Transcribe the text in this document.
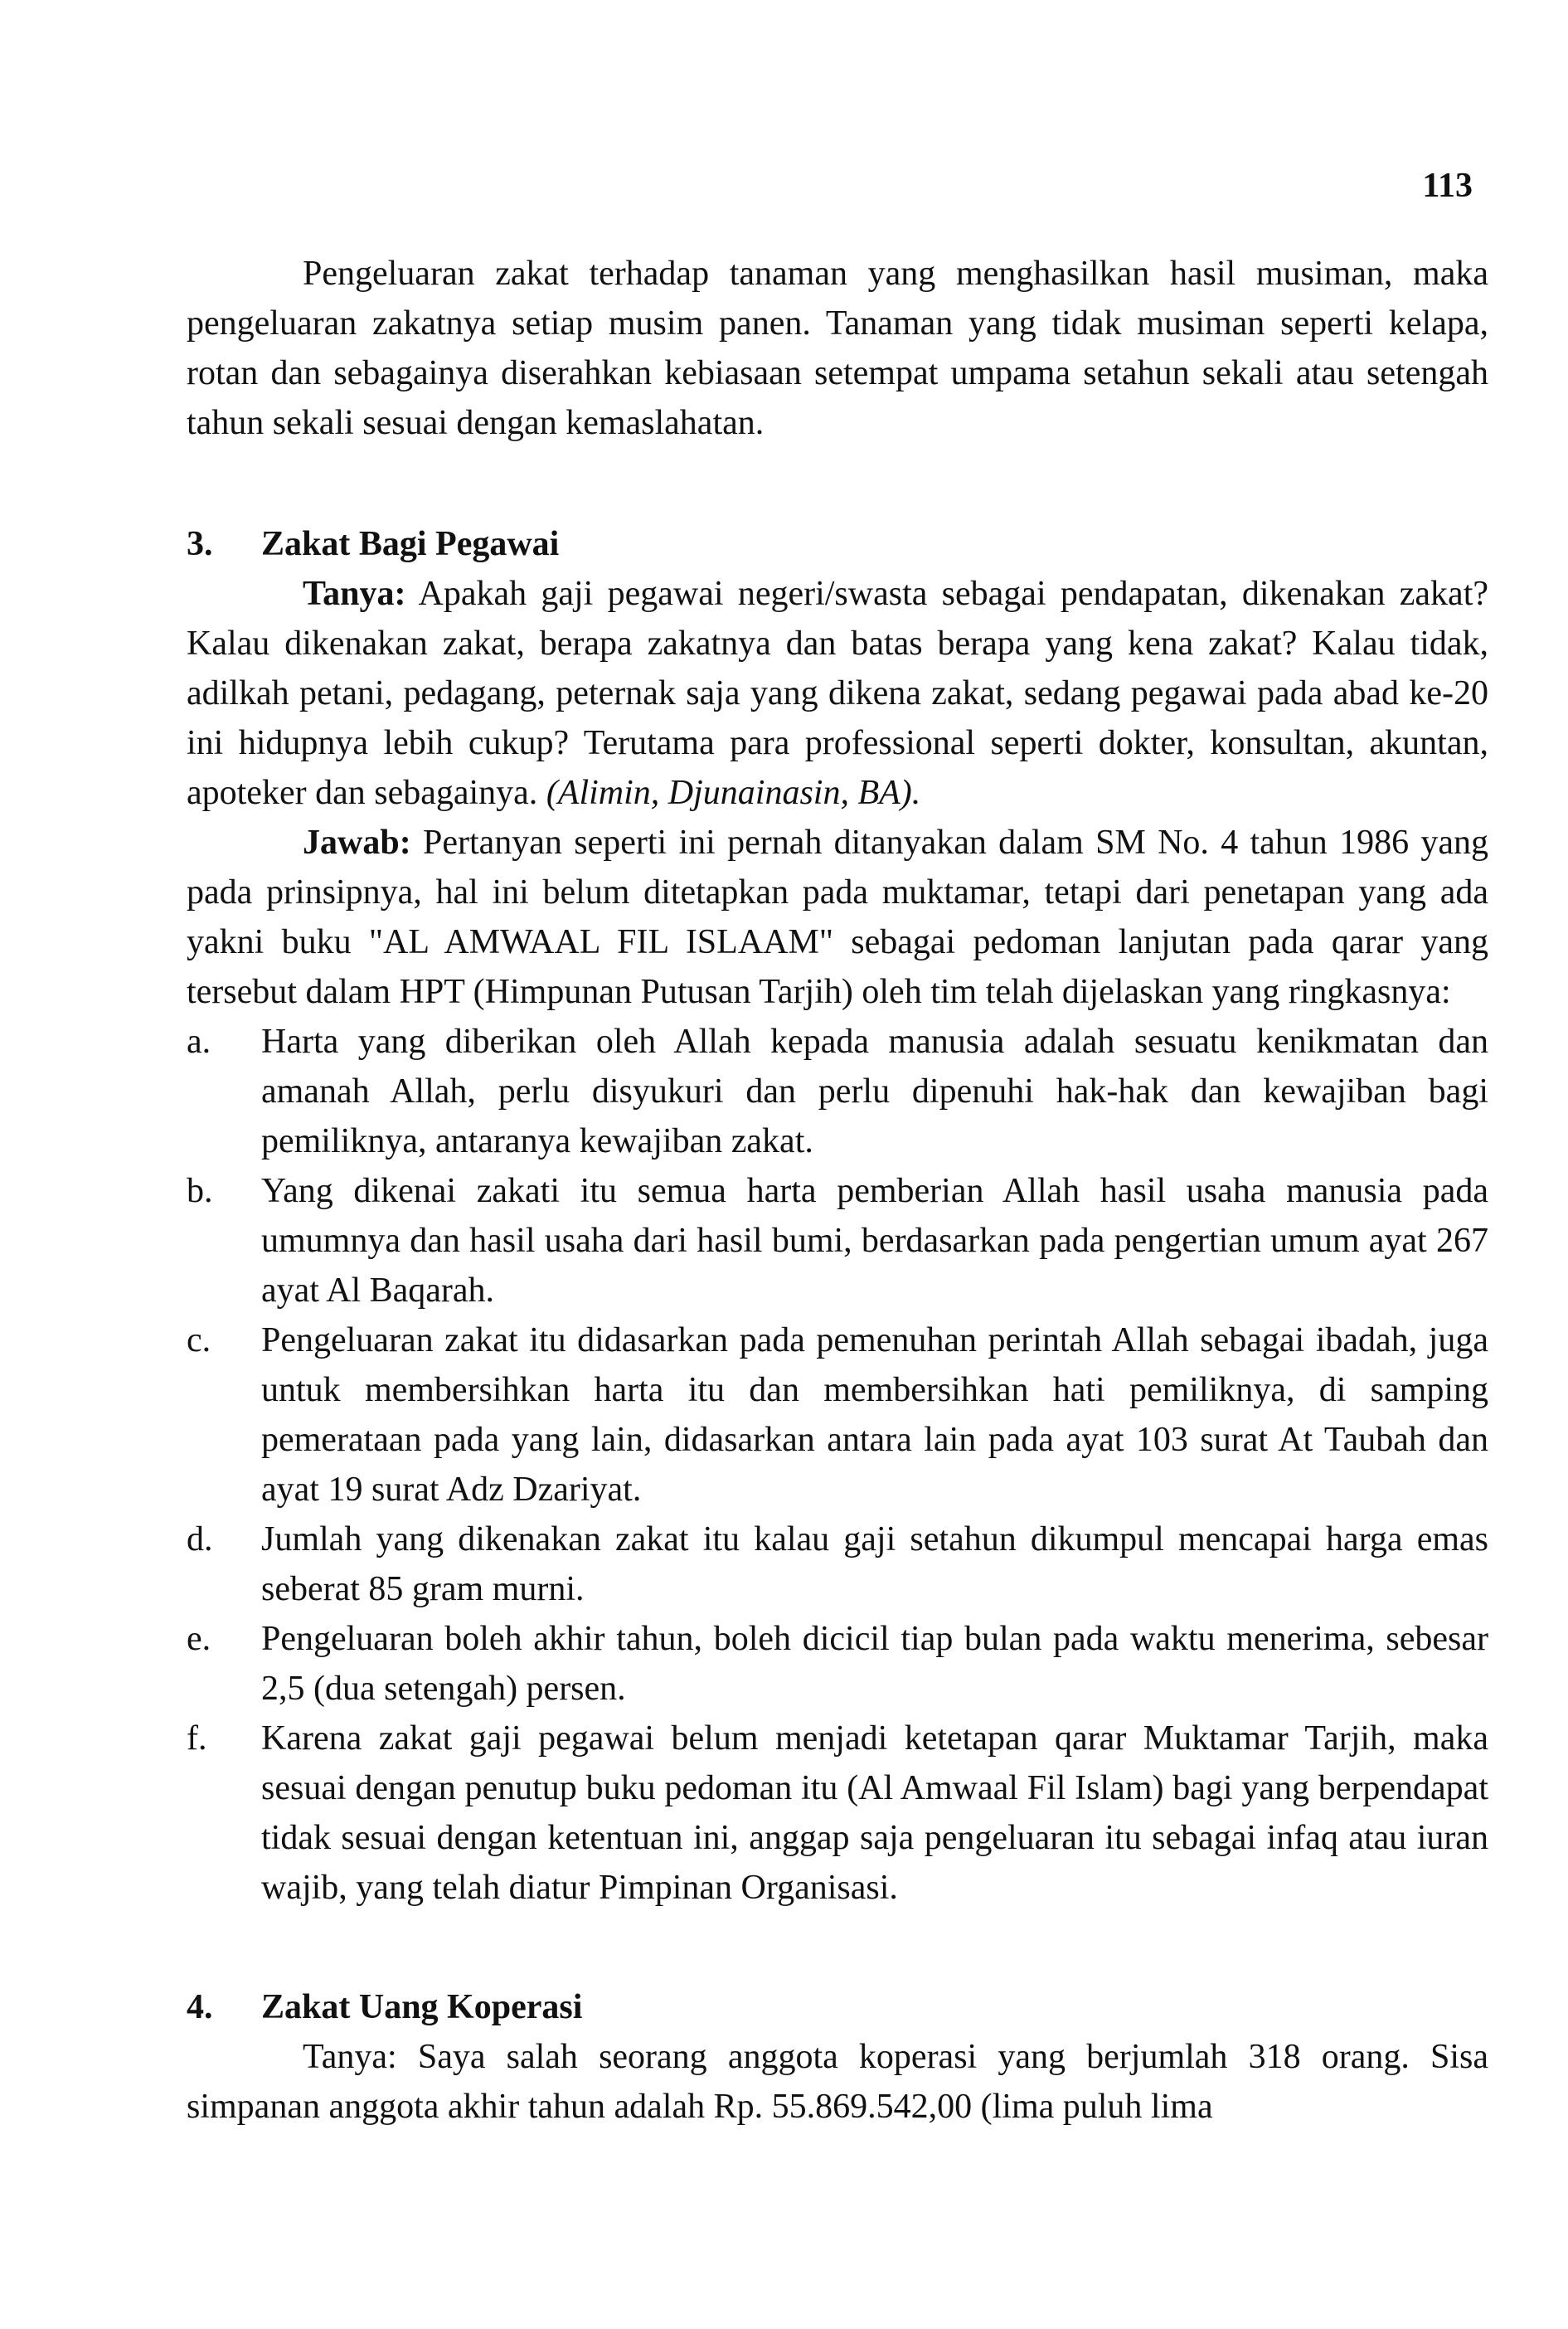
113

Pengeluaran zakat terhadap tanaman yang menghasilkan hasil musiman, maka pengeluaran zakatnya setiap musim panen. Tanaman yang tidak musiman seperti kelapa, rotan dan sebagainya diserahkan kebiasaan setempat umpama setahun sekali atau setengah tahun sekali sesuai dengan kemaslahatan.

3.	Zakat Bagi Pegawai

Tanya: Apakah gaji pegawai negeri/swasta sebagai pendapatan, dikenakan zakat? Kalau dikenakan zakat, berapa zakatnya dan batas berapa yang kena zakat? Kalau tidak, adilkah petani, pedagang, peternak saja yang dikena zakat, sedang pegawai pada abad ke-20 ini hidupnya lebih cukup? Terutama para professional seperti dokter, konsultan, akuntan, apoteker dan sebagainya. (Alimin, Djunainasin, BA).

Jawab: Pertanyan seperti ini pernah ditanyakan dalam SM No. 4 tahun 1986 yang pada prinsipnya, hal ini belum ditetapkan pada muktamar, tetapi dari penetapan yang ada yakni buku "AL AMWAAL FIL ISLAAM" sebagai pedoman lanjutan pada qarar yang tersebut dalam HPT (Himpunan Putusan Tarjih) oleh tim telah dijelaskan yang ringkasnya:

a.	Harta yang diberikan oleh Allah kepada manusia adalah sesuatu kenikmatan dan amanah Allah, perlu disyukuri dan perlu dipenuhi hak-hak dan kewajiban bagi pemiliknya, antaranya kewajiban zakat.
b.	Yang dikenai zakati itu semua harta pemberian Allah hasil usaha manusia pada umumnya dan hasil usaha dari hasil bumi, berdasarkan pada pengertian umum ayat 267 ayat Al Baqarah.
c.	Pengeluaran zakat itu didasarkan pada pemenuhan perintah Allah sebagai ibadah, juga untuk membersihkan harta itu dan membersihkan hati pemiliknya, di samping pemerataan pada yang lain, didasarkan antara lain pada ayat 103 surat At Taubah dan ayat 19 surat Adz Dzariyat.
d.	Jumlah yang dikenakan zakat itu kalau gaji setahun dikumpul mencapai harga emas seberat 85 gram murni.
e.	Pengeluaran boleh akhir tahun, boleh dicicil tiap bulan pada waktu menerima, sebesar 2,5 (dua setengah) persen.
f.	Karena zakat gaji pegawai belum menjadi ketetapan qarar Muktamar Tarjih, maka sesuai dengan penutup buku pedoman itu (Al Amwaal Fil Islam) bagi yang berpendapat tidak sesuai dengan ketentuan ini, anggap saja pengeluaran itu sebagai infaq atau iuran wajib, yang telah diatur Pimpinan Organisasi.
4.	Zakat Uang Koperasi

Tanya: Saya salah seorang anggota koperasi yang berjumlah 318 orang. Sisa simpanan anggota akhir tahun adalah Rp. 55.869.542,00 (lima puluh lima
